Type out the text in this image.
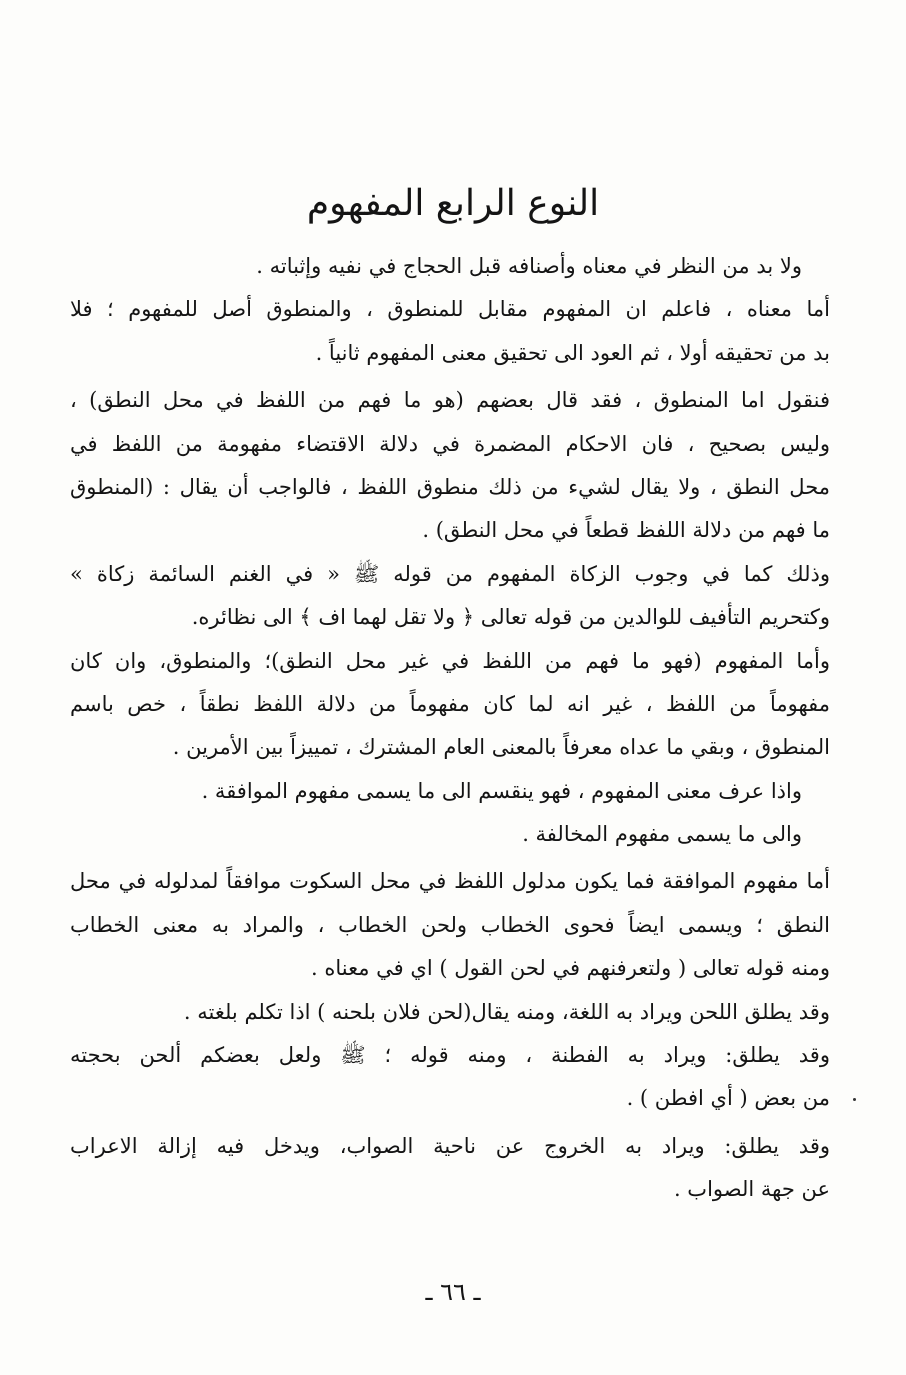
النوع الرابع المفهوم
ولا بد من النظر في معناه وأصنافه قبل الحجاج في نفيه وإثباته .
أما معناه ، فاعلم ان المفهوم مقابل للمنطوق ، والمنطوق أصل للمفهوم ؛ فلا
بد من تحقيقه أولا ، ثم العود الى تحقيق معنى المفهوم ثانياً .
فنقول اما المنطوق ، فقد قال بعضهم (هو ما فهم من اللفظ في محل النطق) ،
وليس بصحيح ، فان الاحكام المضمرة في دلالة الاقتضاء مفهومة من اللفظ في
محل النطق ، ولا يقال لشيء من ذلك منطوق اللفظ ، فالواجب أن يقال : (المنطوق
ما فهم من دلالة اللفظ قطعاً في محل النطق) .
وذلك كما في وجوب الزكاة المفهوم من قوله ﷺ « في الغنم السائمة زكاة »
وكتحريم التأفيف للوالدين من قوله تعالى ﴿ ولا تقل لهما اف ﴾ الى نظائره.
وأما المفهوم (فهو ما فهم من اللفظ في غير محل النطق)؛ والمنطوق، وان كان
مفهوماً من اللفظ ، غير انه لما كان مفهوماً من دلالة اللفظ نطقاً ، خص باسم
المنطوق ، وبقي ما عداه معرفاً بالمعنى العام المشترك ، تمييزاً بين الأمرين .
واذا عرف معنى المفهوم ، فهو ينقسم الى ما يسمى مفهوم الموافقة .
والى ما يسمى مفهوم المخالفة .
أما مفهوم الموافقة فما يكون مدلول اللفظ في محل السكوت موافقاً لمدلوله في محل
النطق ؛ ويسمى ايضاً فحوى الخطاب ولحن الخطاب ، والمراد به معنى الخطاب
ومنه قوله تعالى ( ولتعرفنهم في لحن القول ) اي في معناه .
وقد يطلق اللحن ويراد به اللغة، ومنه يقال(لحن فلان بلحنه ) اذا تكلم بلغته .
وقد يطلق: ويراد به الفطنة ، ومنه قوله ؛ ﷺ ولعل بعضكم ألحن بحجته
من بعض ( أي افطن ) .
وقد يطلق: ويراد به الخروج عن ناحية الصواب، ويدخل فيه إزالة الاعراب
عن جهة الصواب .
ـ ٦٦ ـ
